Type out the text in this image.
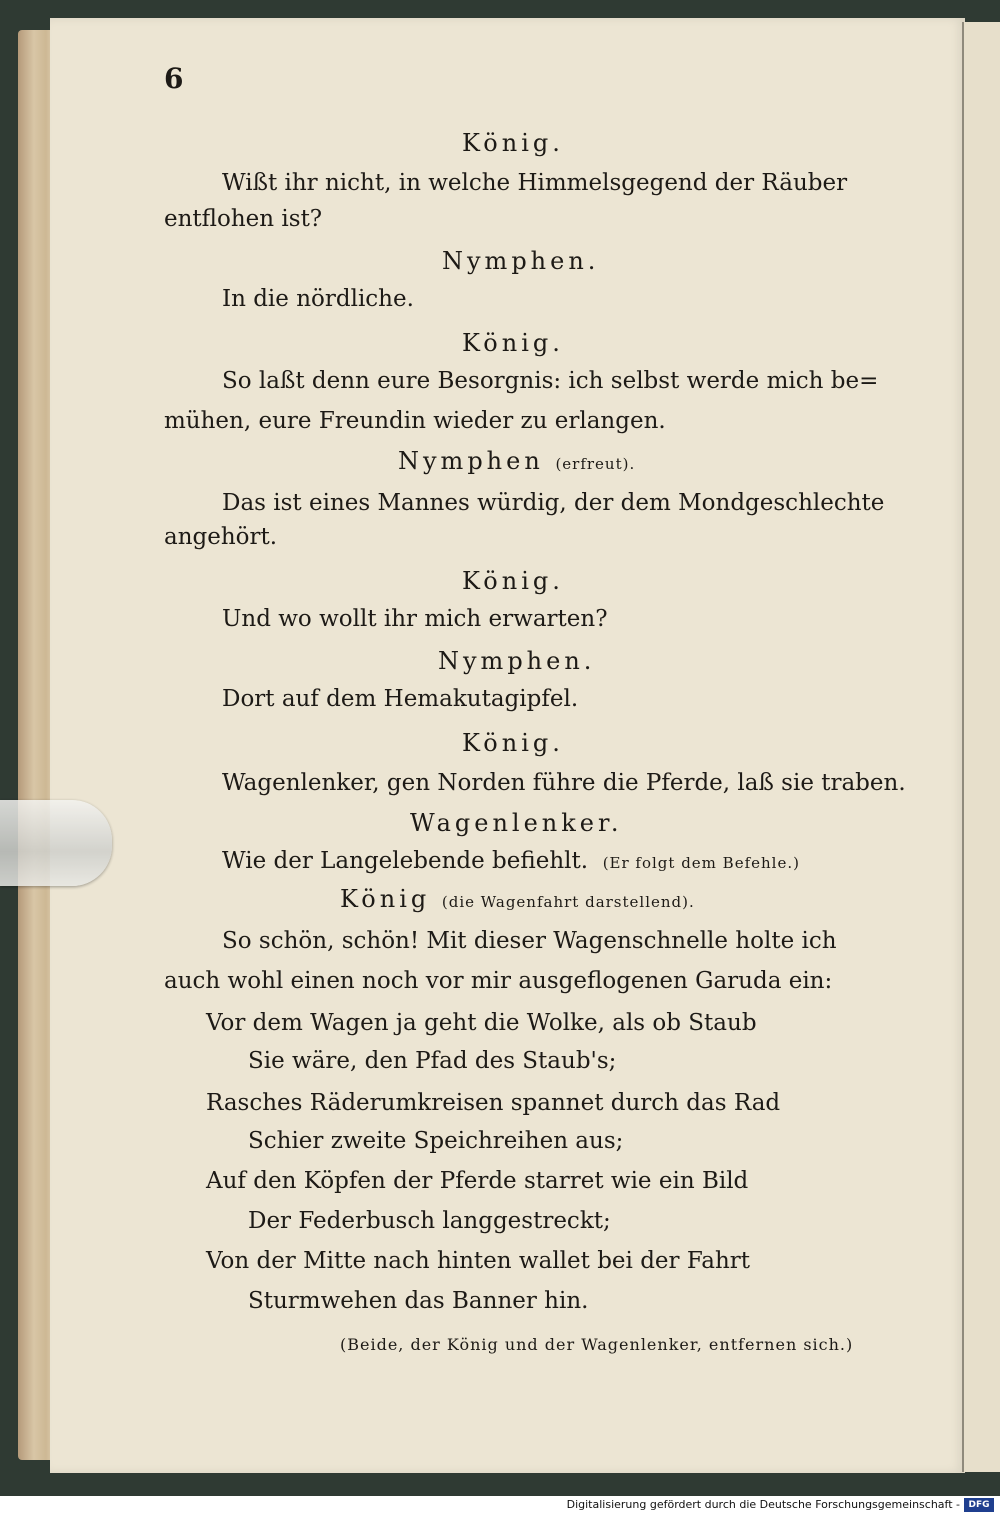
6
König.
Wißt ihr nicht, in welche Himmelsgegend der Räuber
entflohen ist?
Nymphen.
In die nördliche.
König.
So laßt denn eure Besorgnis: ich selbst werde mich be=
mühen, eure Freundin wieder zu erlangen.
Nymphen (erfreut).
Das ist eines Mannes würdig, der dem Mondgeschlechte
angehört.
König.
Und wo wollt ihr mich erwarten?
Nymphen.
Dort auf dem Hemakutagipfel.
König.
Wagenlenker, gen Norden führe die Pferde, laß sie traben.
Wagenlenker.
Wie der Langelebende befiehlt. (Er folgt dem Befehle.)
König (die Wagenfahrt darstellend).
So schön, schön! Mit dieser Wagenschnelle holte ich
auch wohl einen noch vor mir ausgeflogenen Garuda ein:
Vor dem Wagen ja geht die Wolke, als ob Staub
Sie wäre, den Pfad des Staub's;
Rasches Räderumkreisen spannet durch das Rad
Schier zweite Speichreihen aus;
Auf den Köpfen der Pferde starret wie ein Bild
Der Federbusch langgestreckt;
Von der Mitte nach hinten wallet bei der Fahrt
Sturmwehen das Banner hin.
(Beide, der König und der Wagenlenker, entfernen sich.)
Digitalisierung gefördert durch die Deutsche Forschungsgemeinschaft - DFG
